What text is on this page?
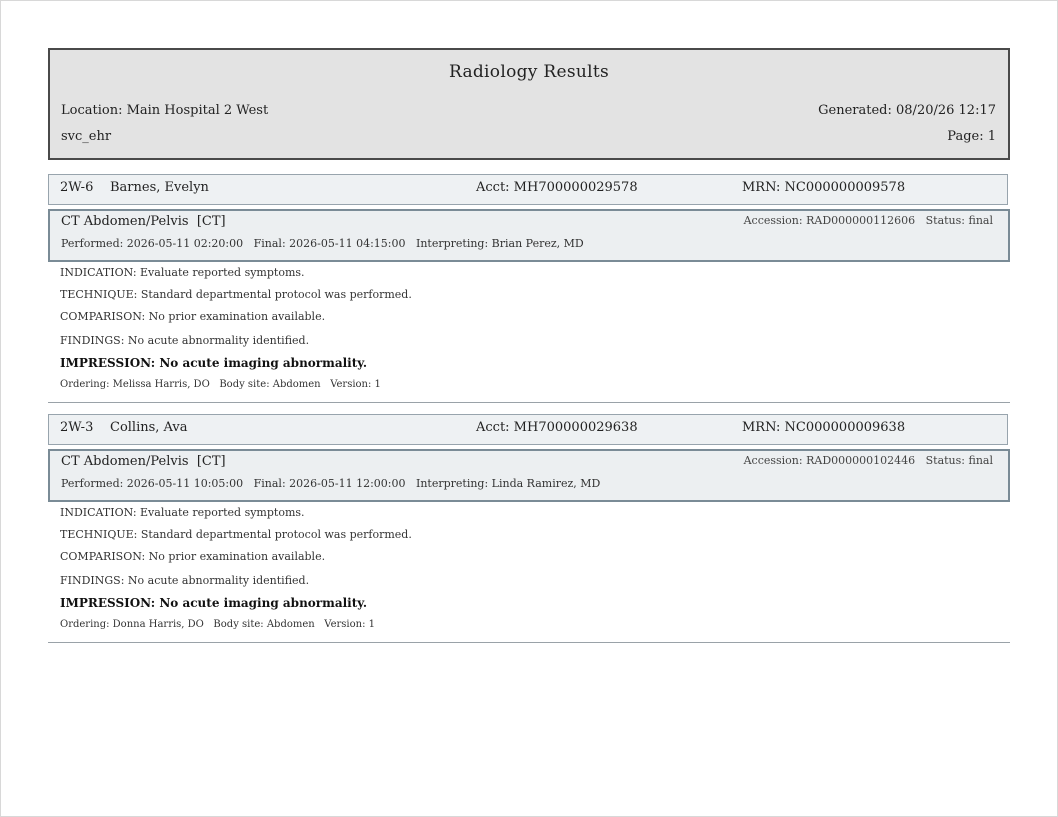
Radiology Results
Location: Main Hospital 2 West
svc_ehr
Generated: 08/20/26 12:17
Page: 1
2W-6 Barnes, Evelyn	Acct: MH700000029578	MRN: NC000000009578
CT Abdomen/Pelvis  [CT]	Accession: RAD000000112606 Status: final
Performed: 2026-05-11 02:20:00 Final: 2026-05-11 04:15:00 Interpreting: Brian Perez, MD
INDICATION: Evaluate reported symptoms.
TECHNIQUE: Standard departmental protocol was performed.
COMPARISON: No prior examination available.
FINDINGS: No acute abnormality identified.
IMPRESSION: No acute imaging abnormality.
Ordering: Melissa Harris, DO Body site: Abdomen Version: 1
2W-3 Collins, Ava	Acct: MH700000029638	MRN: NC000000009638
CT Abdomen/Pelvis  [CT]	Accession: RAD000000102446 Status: final
Performed: 2026-05-11 10:05:00 Final: 2026-05-11 12:00:00 Interpreting: Linda Ramirez, MD
INDICATION: Evaluate reported symptoms.
TECHNIQUE: Standard departmental protocol was performed.
COMPARISON: No prior examination available.
FINDINGS: No acute abnormality identified.
IMPRESSION: No acute imaging abnormality.
Ordering: Donna Harris, DO Body site: Abdomen Version: 1
